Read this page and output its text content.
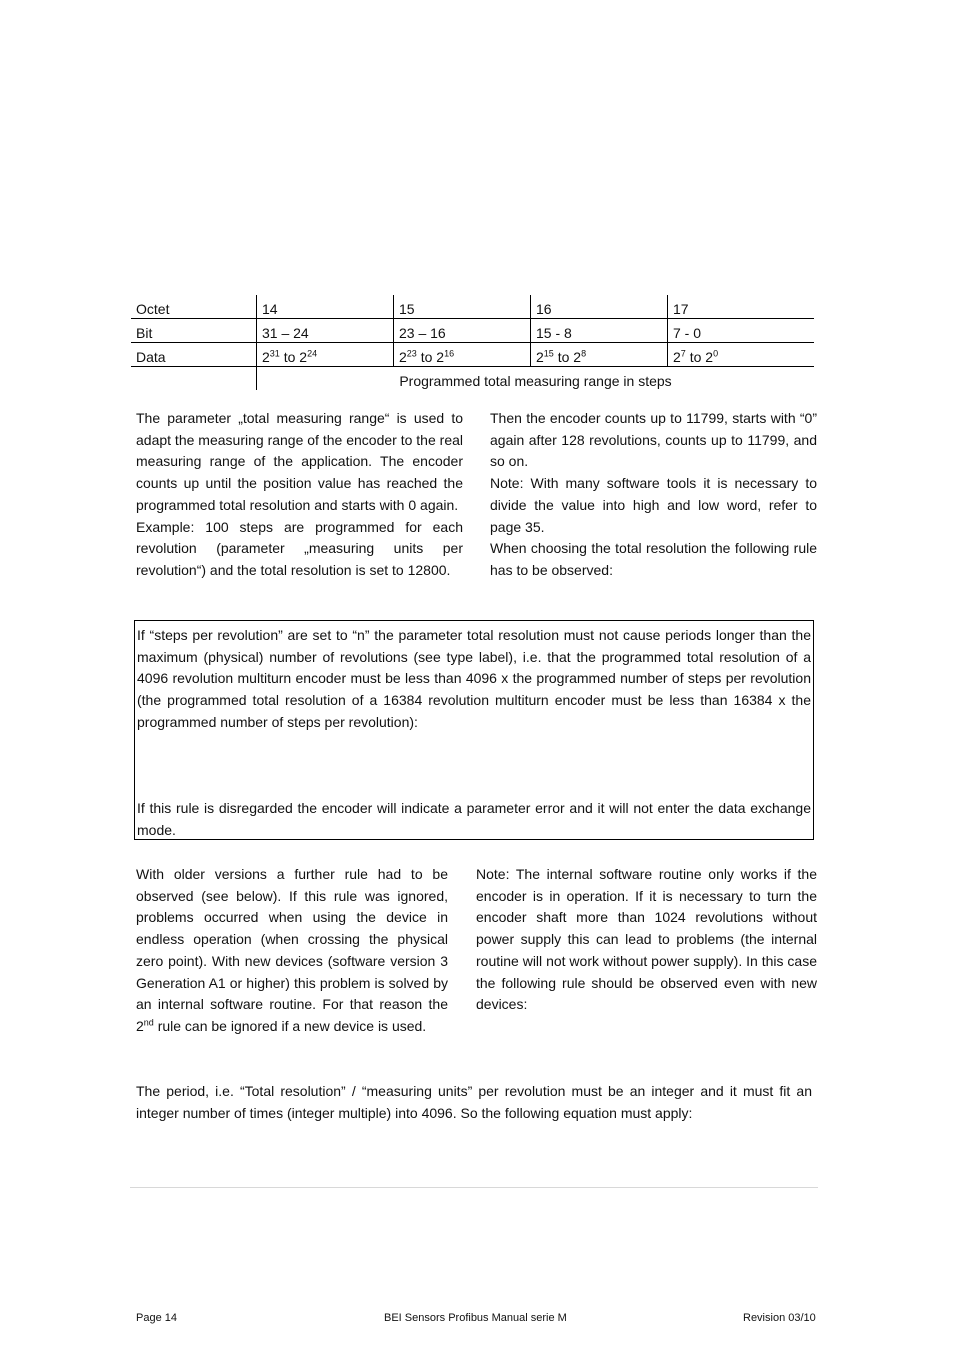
Octet	14	15	16	17
Bit	31 – 24	23 – 16	15 - 8	7 - 0
Data	$2^{31}$ to $2^{24}$	$2^{23}$ to $2^{16}$	$2^{15}$ to $2^8$	$2^7$ to $2^0$
	Programmed total measuring range in steps			

The parameter „total measuring range“ is used to adapt the measuring range of the encoder to the real measuring range of the application. The encoder counts up until the position value has reached the programmed total resolution and starts with 0 again.

Example: 100 steps are programmed for each revolution (parameter „measuring units per revolution“) and the total resolution is set to 12800.

Then the encoder counts up to 11799, starts with “0” again after 128 revolutions, counts up to 11799, and so on.

Note: With many software tools it is necessary to divide the value into high and low word, refer to page 35.

When choosing the total resolution the following rule has to be observed:

If “steps per revolution” are set to “n” the parameter total resolution must not cause periods longer than the maximum (physical) number of revolutions (see type label), i.e. that the programmed total resolution of a 4096 revolution multiturn encoder must be less than 4096 x the programmed number of steps per revolution (the programmed total resolution of a 16384 revolution multiturn encoder must be less than 16384 x the programmed number of steps per revolution):

If this rule is disregarded the encoder will indicate a parameter error and it will not enter the data exchange mode.

With older versions a further rule had to be observed (see below). If this rule was ignored, problems occurred when using the device in endless operation (when crossing the physical zero point). With new devices (software version 3 Generation A1 or higher) this problem is solved by an internal software routine. For that reason the 2nd rule can be ignored if a new device is used.

Note: The internal software routine only works if the encoder is in operation. If it is necessary to turn the encoder shaft more than 1024 revolutions without power supply this can lead to problems (the internal routine will not work without power supply). In this case the following rule should be observed even with new devices:

The period, i.e. “Total resolution” / “measuring units” per revolution must be an integer and it must fit an integer number of times (integer multiple) into 4096. So the following equation must apply:

Page 14	BEI Sensors Profibus Manual serie M	Revision 03/10
